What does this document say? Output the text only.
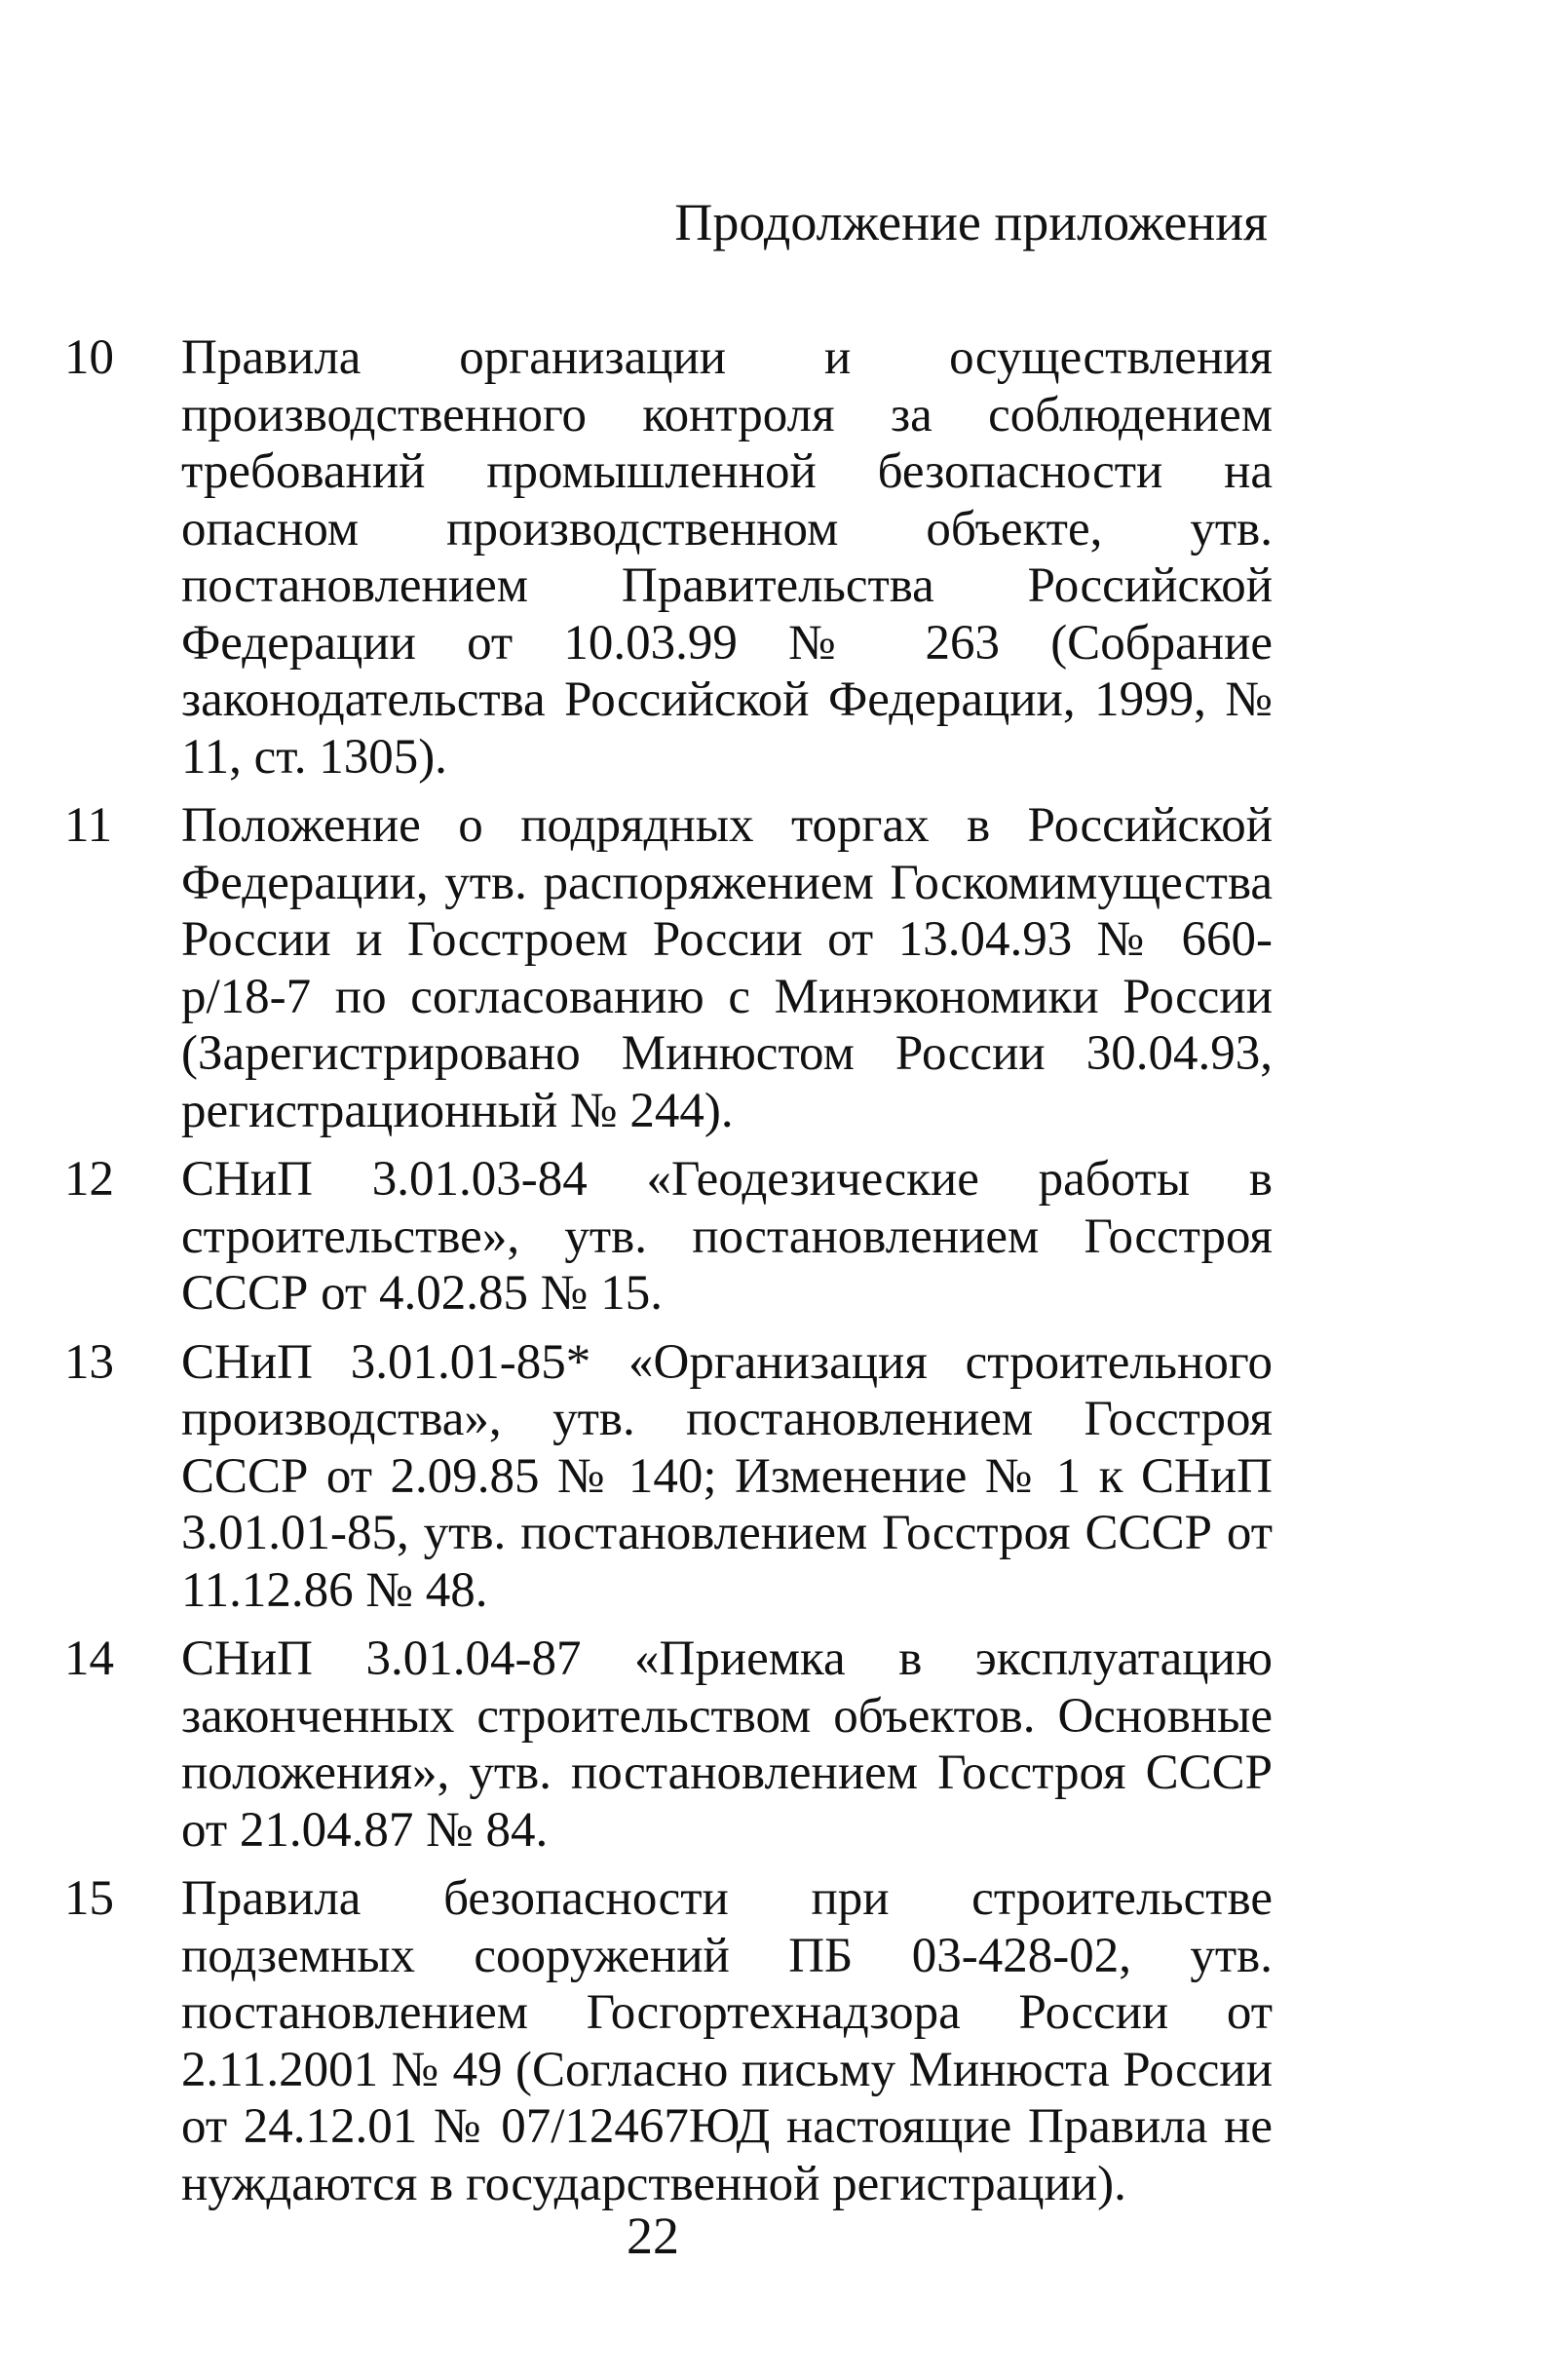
Продолжение приложения
10	Правила организации и осуществления производственного контроля за соблюдением требований промышленной безопасности на опасном производственном объекте, утв. постановлением Правительства Российской Федерации от 10.03.99 № 263 (Собрание законодательства Российской Федерации, 1999, № 11, ст. 1305).
11	Положение о подрядных торгах в Российской Федерации, утв. распоряжением Госкомимущества России и Госстроем России от 13.04.93 № 660-р/18-7 по согласованию с Минэкономики России (Зарегистрировано Минюстом России 30.04.93, регистрационный № 244).
12	СНиП 3.01.03-84 «Геодезические работы в строительстве», утв. постановлением Госстроя СССР от 4.02.85 № 15.
13	СНиП 3.01.01-85* «Организация строительного производства», утв. постановлением Госстроя СССР от 2.09.85 № 140; Изменение № 1 к СНиП 3.01.01-85, утв. постановлением Госстроя СССР от 11.12.86 № 48.
14	СНиП 3.01.04-87 «Приемка в эксплуатацию законченных строительством объектов. Основные положения», утв. постановлением Госстроя СССР от 21.04.87 № 84.
15	Правила безопасности при строительстве подземных сооружений ПБ 03-428-02, утв. постановлением Госгортехнадзора России от 2.11.2001 № 49 (Согласно письму Минюста России от 24.12.01 № 07/12467ЮД настоящие Правила не нуждаются в государственной регистрации).
22
